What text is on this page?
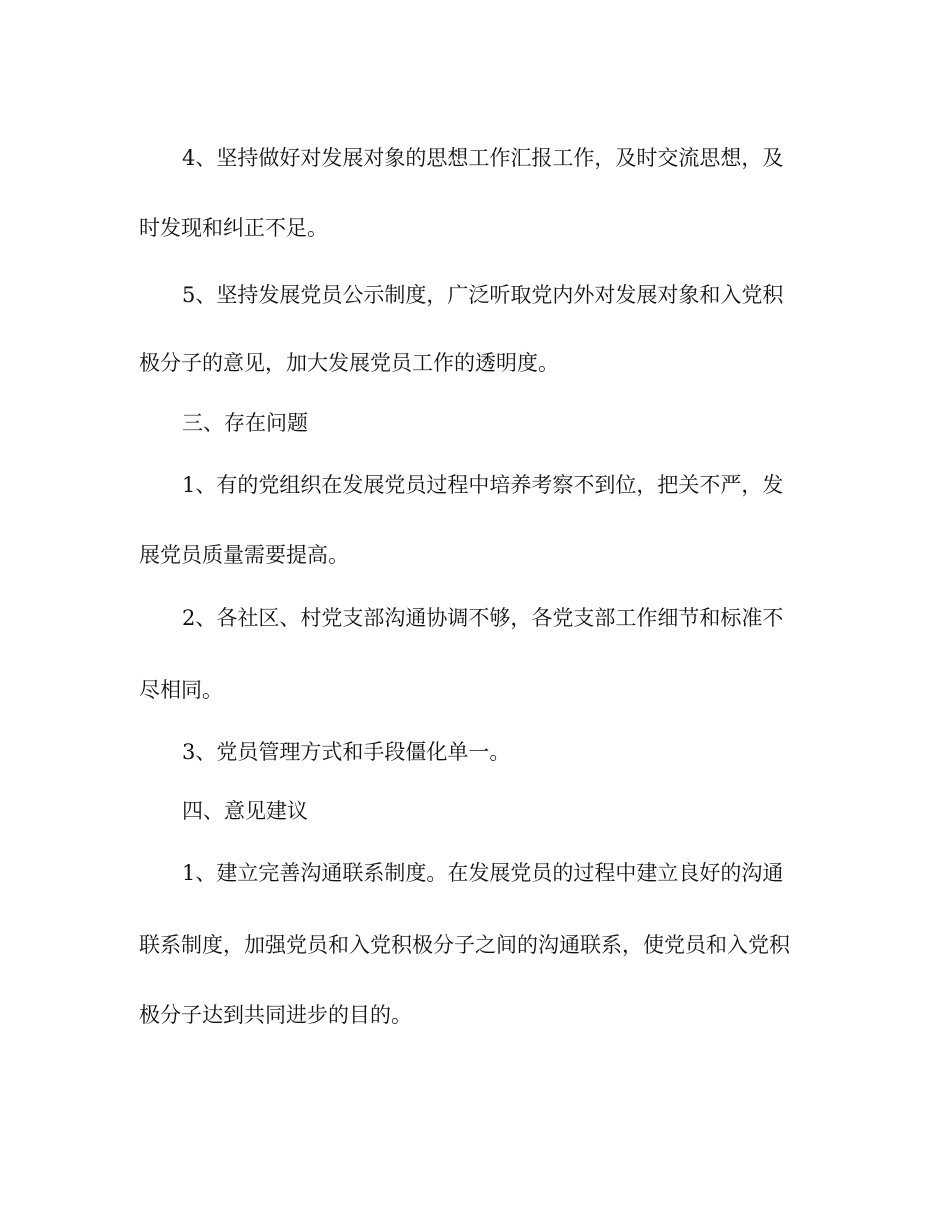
4、坚持做好对发展对象的思想工作汇报工作，及时交流思想，及

时发现和纠正不足。

5、坚持发展党员公示制度，广泛听取党内外对发展对象和入党积

极分子的意见，加大发展党员工作的透明度。

三、存在问题

1、有的党组织在发展党员过程中培养考察不到位，把关不严，发

展党员质量需要提高。

2、各社区、村党支部沟通协调不够，各党支部工作细节和标准不

尽相同。

3、党员管理方式和手段僵化单一。

四、意见建议

1、建立完善沟通联系制度。在发展党员的过程中建立良好的沟通

联系制度，加强党员和入党积极分子之间的沟通联系，使党员和入党积

极分子达到共同进步的目的。
